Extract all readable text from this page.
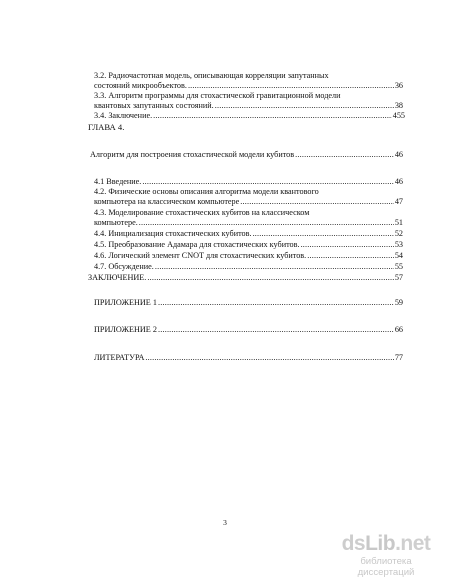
3.2. Радиочастотная модель, описывающая корреляции запутанных
состояний микрообъектов. .....	36
3.3. Алгоритм программы для стохастической гравитационной модели
квантовых запутанных состояний. .....	38
3.4. Заключение. .....	455
ГЛАВА 4.
Алгоритм для построения стохастической модели кубитов .....	46
4.1 Введение. .....	46
4.2. Физические основы описания алгоритма модели квантового
компьютера на классическом компьютере .....	47
4.3. Моделирование стохастических кубитов на классическом
компьютере. .....	51
4.4. Инициализация стохастических кубитов. .....	52
4.5. Преобразование Адамара для стохастических кубитов. .....	53
4.6. Логический элемент CNOT для стохастических кубитов. .....	54
4.7. Обсуждение. .....	55
ЗАКЛЮЧЕНИЕ. .....	57
ПРИЛОЖЕНИЕ 1 .....	59
ПРИЛОЖЕНИЕ 2 .....	66
ЛИТЕРАТУРА .....	77
3
dsLib.net
библиотека диссертаций
